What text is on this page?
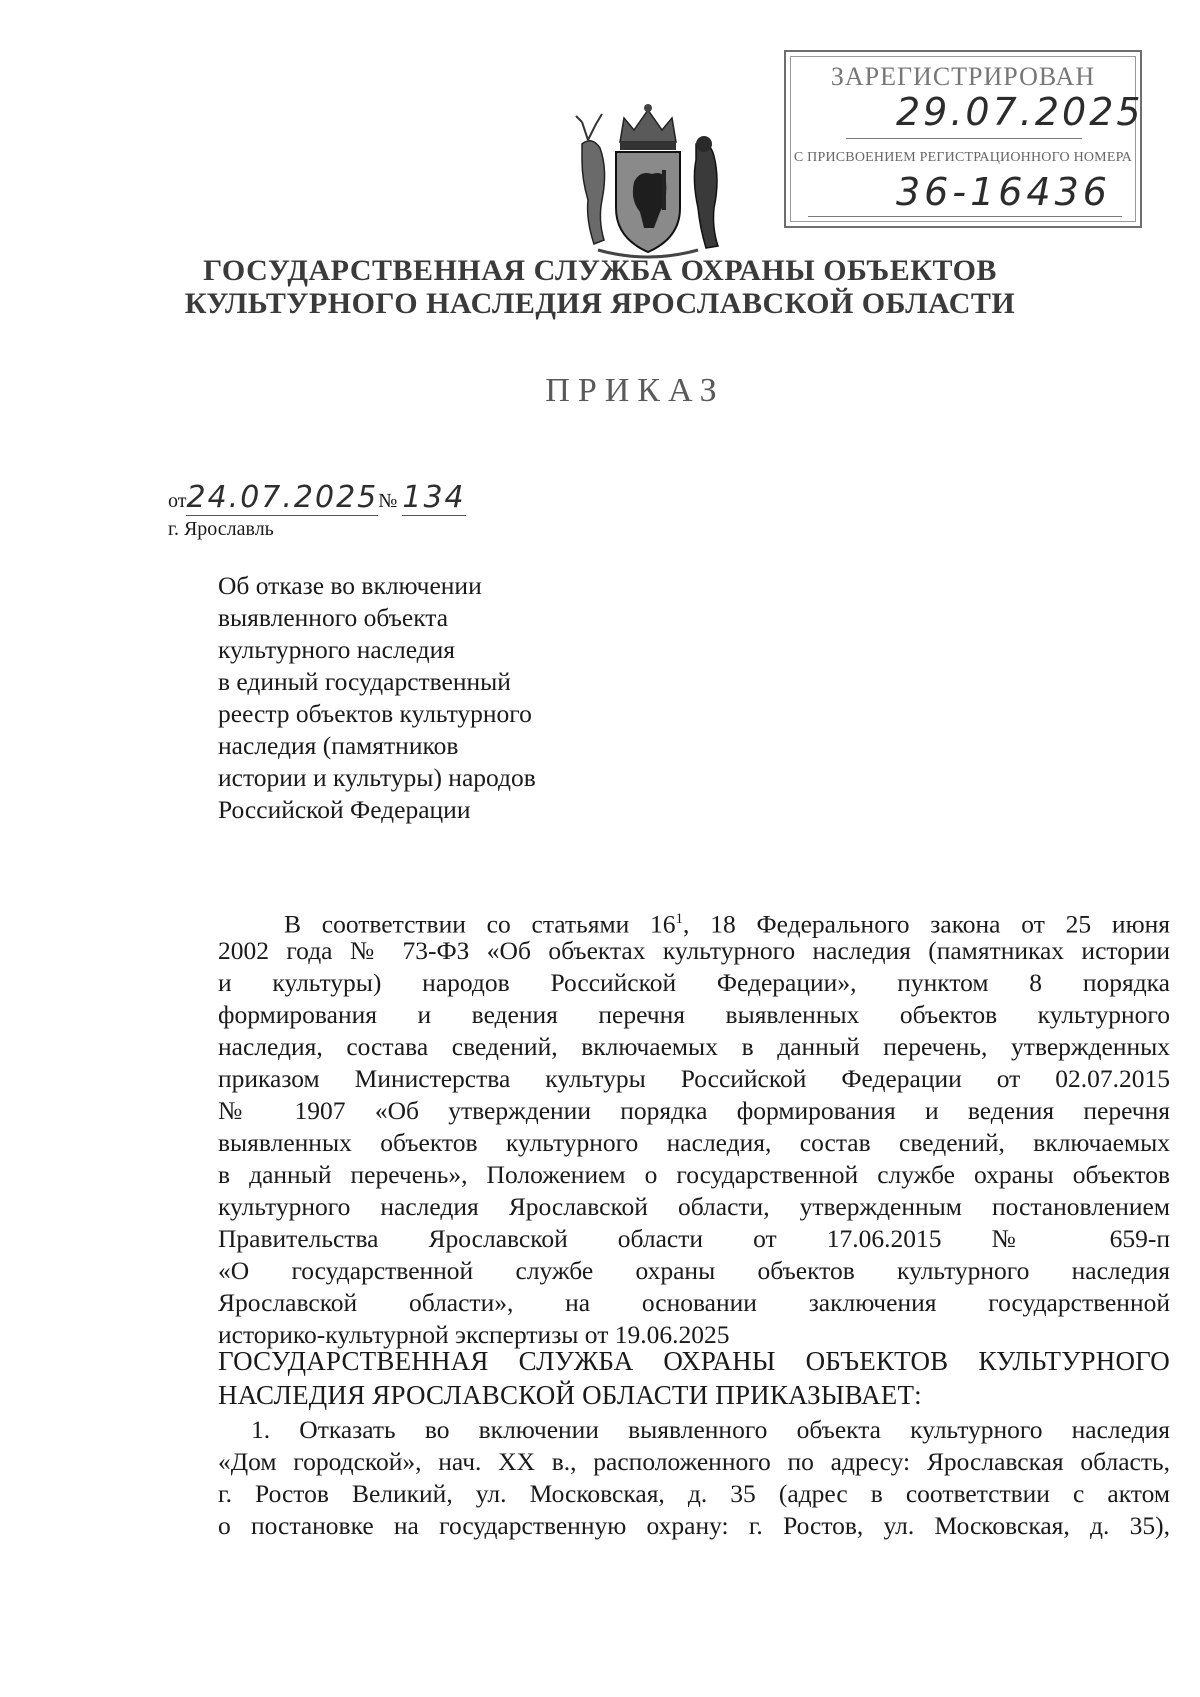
ЗАРЕГИСТРИРОВАН
29.07.2025
С ПРИСВОЕНИЕМ РЕГИСТРАЦИОННОГО НОМЕРА
36-16436
ГОСУДАРСТВЕННАЯ СЛУЖБА ОХРАНЫ ОБЪЕКТОВ
КУЛЬТУРНОГО НАСЛЕДИЯ ЯРОСЛАВСКОЙ ОБЛАСТИ
ПРИКАЗ
от24.07.2025№ 134
г. Ярославль
Об отказе во включении
выявленного объекта
культурного наследия
в единый государственный
реестр объектов культурного
наследия (памятников
истории и культуры) народов
Российской Федерации
В соответствии со статьями $16^1$, 18 Федерального закона от 25 июня
2002 года № 73-ФЗ «Об объектах культурного наследия (памятниках истории
и культуры) народов Российской Федерации», пунктом 8 порядка
формирования и ведения перечня выявленных объектов культурного
наследия, состава сведений, включаемых в данный перечень, утвержденных
приказом Министерства культуры Российской Федерации от 02.07.2015
№ 1907 «Об утверждении порядка формирования и ведения перечня
выявленных объектов культурного наследия, состав сведений, включаемых
в данный перечень», Положением о государственной службе охраны объектов
культурного наследия Ярославской области, утвержденным постановлением
Правительства Ярославской области от 17.06.2015 № 659-п
«О государственной службе охраны объектов культурного наследия
Ярославской области», на основании заключения государственной
историко-культурной экспертизы от 19.06.2025
ГОСУДАРСТВЕННАЯ СЛУЖБА ОХРАНЫ ОБЪЕКТОВ КУЛЬТУРНОГО
НАСЛЕДИЯ ЯРОСЛАВСКОЙ ОБЛАСТИ ПРИКАЗЫВАЕТ:
1. Отказать во включении выявленного объекта культурного наследия
«Дом городской», нач. XX в., расположенного по адресу: Ярославская область,
г. Ростов Великий, ул. Московская, д. 35 (адрес в соответствии с актом
о постановке на государственную охрану: г. Ростов, ул. Московская, д. 35),
